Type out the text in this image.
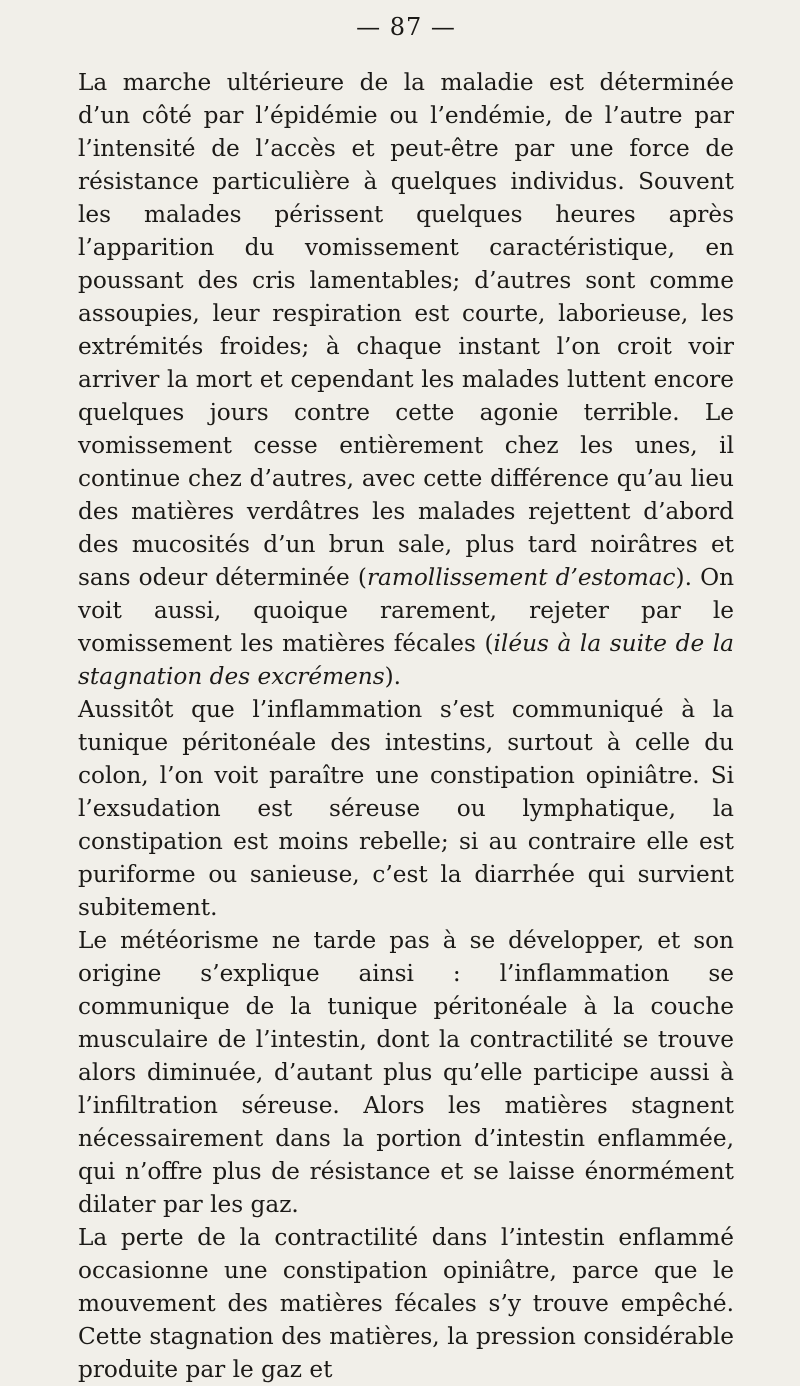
— 87 —

La marche ultérieure de la maladie est déterminée d’un côté par l’épidémie ou l’endémie, de l’autre par l’intensité de l’accès et peut-être par une force de résistance particulière à quelques individus. Souvent les malades périssent quelques heures après l’apparition du vomissement caractéristique, en poussant des cris lamentables; d’autres sont comme assoupies, leur respiration est courte, laborieuse, les extrémités froides; à chaque instant l’on croit voir arriver la mort et cependant les malades luttent encore quelques jours contre cette agonie terrible. Le vomissement cesse entièrement chez les unes, il continue chez d’autres, avec cette différence qu’au lieu des matières verdâtres les malades rejettent d’abord des mucosités d’un brun sale, plus tard noirâtres et sans odeur déterminée (ramollissement d’estomac). On voit aussi, quoique rarement, rejeter par le vomissement les matières fécales (iléus à la suite de la stagnation des excrémens).

Aussitôt que l’inflammation s’est communiqué à la tunique péritonéale des intestins, surtout à celle du colon, l’on voit paraître une constipation opiniâtre. Si l’exsudation est séreuse ou lymphatique, la constipation est moins rebelle; si au contraire elle est puriforme ou sanieuse, c’est la diarrhée qui survient subitement.

Le météorisme ne tarde pas à se développer, et son origine s’explique ainsi : l’inflammation se communique de la tunique péritonéale à la couche musculaire de l’intestin, dont la contractilité se trouve alors diminuée, d’autant plus qu’elle participe aussi à l’infiltration séreuse. Alors les matières stagnent nécessairement dans la portion d’intestin enflammée, qui n’offre plus de résistance et se laisse énormément dilater par les gaz.

La perte de la contractilité dans l’intestin enflammé occasionne une constipation opiniâtre, parce que le mouvement des matières fécales s’y trouve empêché. Cette stagnation des matières, la pression considérable produite par le gaz et
